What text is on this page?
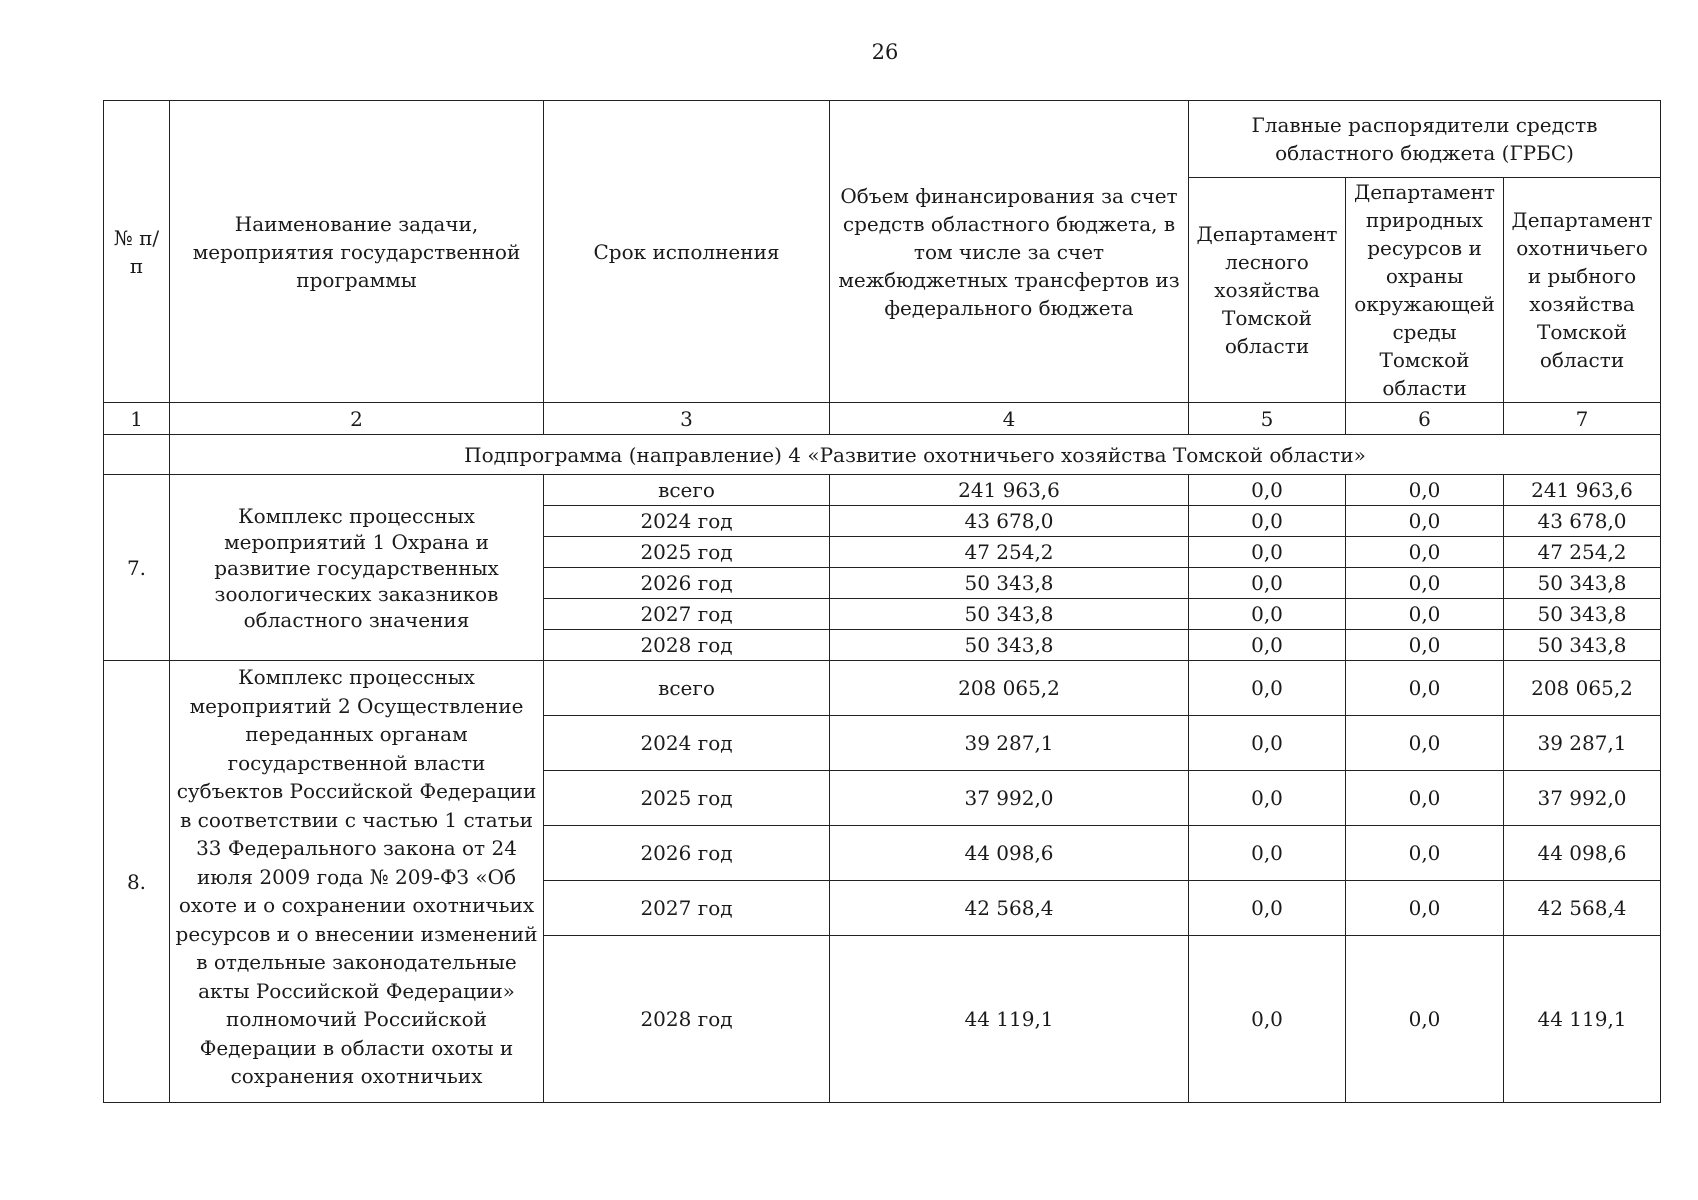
26
№ п/п	Наименование задачи, мероприятия государственной программы	Срок исполнения	Объем финансирования за счет средств областного бюджета, в том числе за счет межбюджетных трансфертов из федерального бюджета	Главные распорядители средств областного бюджета (ГРБС)		
				Департамент лесного хозяйства Томской области	Департамент природных ресурсов и охраны окружающей среды Томской области	Департамент охотничьего и рыбного хозяйства Томской области
1	2	3	4	5	6	7
	Подпрограмма (направление) 4 «Развитие охотничьего хозяйства Томской области»					
7.	Комплекс процессных мероприятий 1 Охрана и развитие государственных зоологических заказников областного значения	всего	241 963,6	0,0	0,0	241 963,6
		2024 год	43 678,0	0,0	0,0	43 678,0
		2025 год	47 254,2	0,0	0,0	47 254,2
		2026 год	50 343,8	0,0	0,0	50 343,8
		2027 год	50 343,8	0,0	0,0	50 343,8
		2028 год	50 343,8	0,0	0,0	50 343,8
8.	Комплекс процессных мероприятий 2 Осуществление переданных органам государственной власти субъектов Российской Федерации в соответствии с частью 1 статьи 33 Федерального закона от 24 июля 2009 года № 209-ФЗ «Об охоте и о сохранении охотничьих ресурсов и о внесении изменений в отдельные законодательные акты Российской Федерации» полномочий Российской Федерации в области охоты и сохранения охотничьих	всего	208 065,2	0,0	0,0	208 065,2
		2024 год	39 287,1	0,0	0,0	39 287,1
		2025 год	37 992,0	0,0	0,0	37 992,0
		2026 год	44 098,6	0,0	0,0	44 098,6
		2027 год	42 568,4	0,0	0,0	42 568,4
		2028 год	44 119,1	0,0	0,0	44 119,1
